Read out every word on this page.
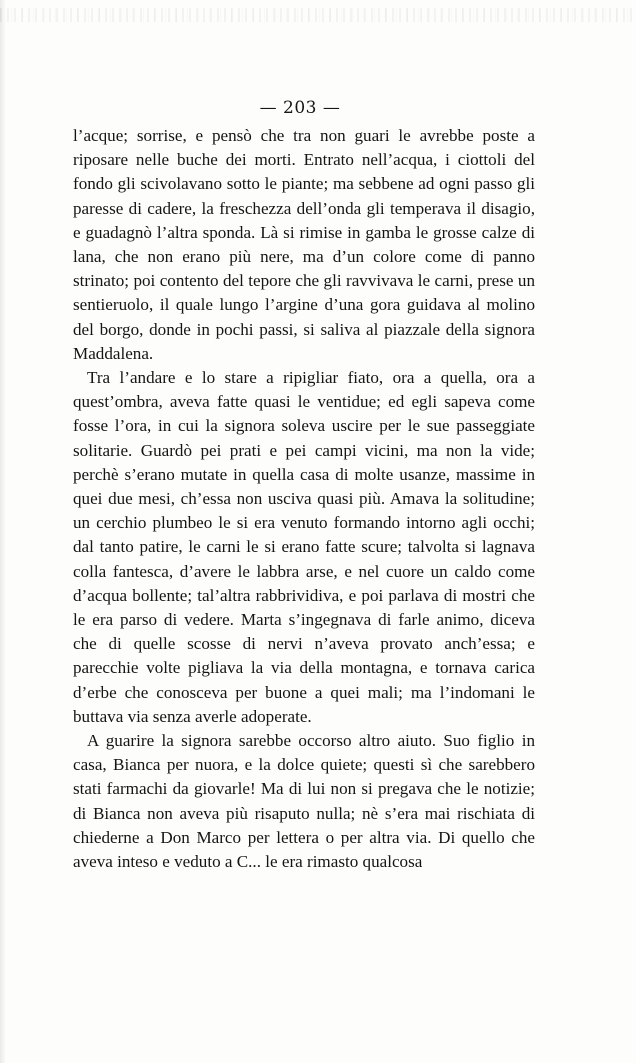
— 203 —

l’acque; sorrise, e pensò che tra non guari le avrebbe poste a riposare nelle buche dei morti. Entrato nell’acqua, i ciottoli del fondo gli scivolavano sotto le piante; ma sebbene ad ogni passo gli paresse di cadere, la freschezza dell’onda gli temperava il disagio, e guadagnò l’altra sponda. Là si rimise in gamba le grosse calze di lana, che non erano più nere, ma d’un colore come di panno strinato; poi contento del tepore che gli ravvivava le carni, prese un sentieruolo, il quale lungo l’argine d’una gora guidava al molino del borgo, donde in pochi passi, si saliva al piazzale della signora Maddalena.

Tra l’andare e lo stare a ripigliar fiato, ora a quella, ora a quest’ombra, aveva fatte quasi le ventidue; ed egli sapeva come fosse l’ora, in cui la signora soleva uscire per le sue passeggiate solitarie. Guardò pei prati e pei campi vicini, ma non la vide; perchè s’erano mutate in quella casa di molte usanze, massime in quei due mesi, ch’essa non usciva quasi più. Amava la solitudine; un cerchio plumbeo le si era venuto formando intorno agli occhi; dal tanto patire, le carni le si erano fatte scure; talvolta si lagnava colla fantesca, d’avere le labbra arse, e nel cuore un caldo come d’acqua bollente; tal’altra rabbrividiva, e poi parlava di mostri che le era parso di vedere. Marta s’ingegnava di farle animo, diceva che di quelle scosse di nervi n’aveva provato anch’essa; e parecchie volte pigliava la via della montagna, e tornava carica d’erbe che conosceva per buone a quei mali; ma l’indomani le buttava via senza averle adoperate.

A guarire la signora sarebbe occorso altro aiuto. Suo figlio in casa, Bianca per nuora, e la dolce quiete; questi sì che sarebbero stati farmachi da giovarle! Ma di lui non si pregava che le notizie; di Bianca non aveva più risaputo nulla; nè s’era mai rischiata di chiederne a Don Marco per lettera o per altra via. Di quello che aveva inteso e veduto a C... le era rimasto qualcosa
